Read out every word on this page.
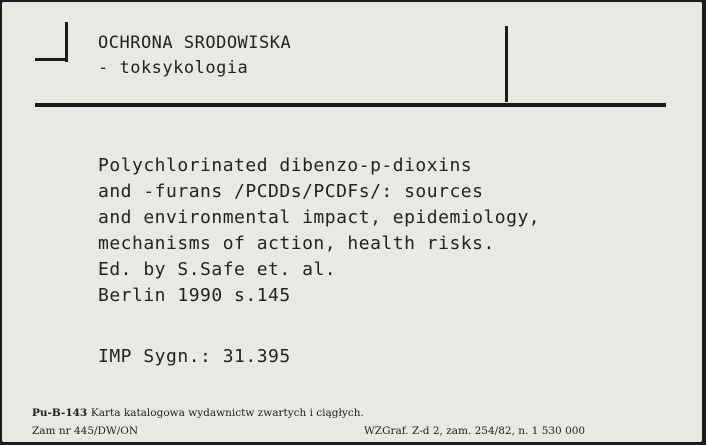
OCHRONA SRODOWISKA
- toksykologia
Polychlorinated dibenzo-p-dioxins
and -furans /PCDDs/PCDFs/: sources
and environmental impact, epidemiology,
mechanisms of action, health risks.
Ed. by S.Safe et. al.
Berlin 1990 s.145
IMP Sygn.: 31.395
Pu-B-143 Karta katalogowa wydawnictw zwartych i ciągłych.
Zam nr 445/DW/ON	WZGraf. Z-d 2, zam. 254/82, n. 1 530 000
